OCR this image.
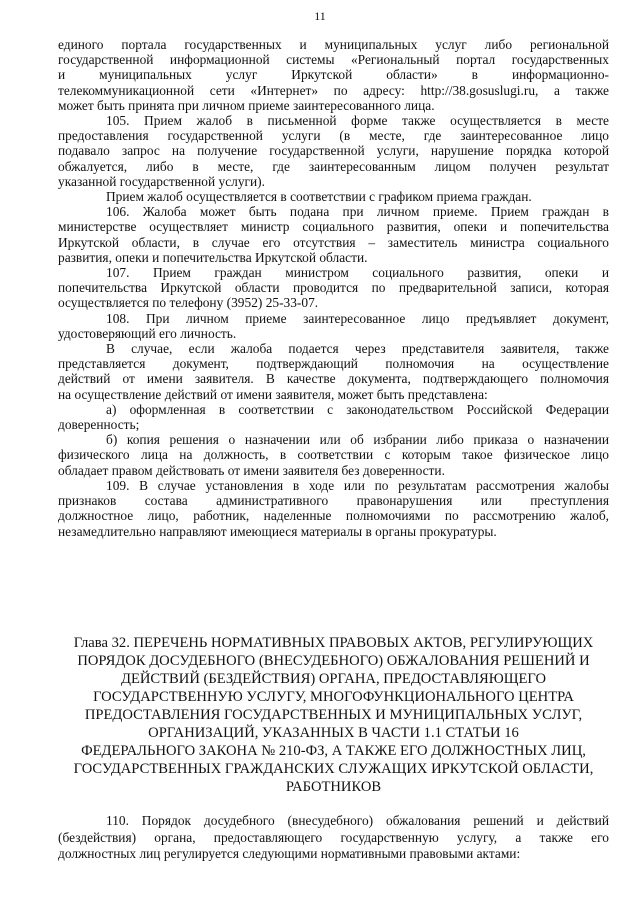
11

единого портала государственных и муниципальных услуг либо региональной

государственной информационной системы «Региональный портал государственных

и муниципальных услуг Иркутской области» в информационно-

телекоммуникационной сети «Интернет» по адресу: http://38.gosuslugi.ru, а также

может быть принята при личном приеме заинтересованного лица.

105. Прием жалоб в письменной форме также осуществляется в месте

предоставления государственной услуги (в месте, где заинтересованное лицо

подавало запрос на получение государственной услуги, нарушение порядка которой

обжалуется, либо в месте, где заинтересованным лицом получен результат

указанной государственной услуги).

Прием жалоб осуществляется в соответствии с графиком приема граждан.

106. Жалоба может быть подана при личном приеме. Прием граждан в

министерстве осуществляет министр социального развития, опеки и попечительства

Иркутской области, в случае его отсутствия – заместитель министра социального

развития, опеки и попечительства Иркутской области.

107. Прием граждан министром социального развития, опеки и

попечительства Иркутской области проводится по предварительной записи, которая

осуществляется по телефону (3952) 25-33-07.

108. При личном приеме заинтересованное лицо предъявляет документ,

удостоверяющий его личность.

В случае, если жалоба подается через представителя заявителя, также

представляется документ, подтверждающий полномочия на осуществление

действий от имени заявителя. В качестве документа, подтверждающего полномочия

на осуществление действий от имени заявителя, может быть представлена:

а) оформленная в соответствии с законодательством Российской Федерации

доверенность;

б) копия решения о назначении или об избрании либо приказа о назначении

физического лица на должность, в соответствии с которым такое физическое лицо

обладает правом действовать от имени заявителя без доверенности.

109. В случае установления в ходе или по результатам рассмотрения жалобы

признаков состава административного правонарушения или преступления

должностное лицо, работник, наделенные полномочиями по рассмотрению жалоб,

незамедлительно направляют имеющиеся материалы в органы прокуратуры.

Глава 32. ПЕРЕЧЕНЬ НОРМАТИВНЫХ ПРАВОВЫХ АКТОВ, РЕГУЛИРУЮЩИХ
ПОРЯДОК ДОСУДЕБНОГО (ВНЕСУДЕБНОГО) ОБЖАЛОВАНИЯ РЕШЕНИЙ И
ДЕЙСТВИЙ (БЕЗДЕЙСТВИЯ) ОРГАНА, ПРЕДОСТАВЛЯЮЩЕГО
ГОСУДАРСТВЕННУЮ УСЛУГУ, МНОГОФУНКЦИОНАЛЬНОГО ЦЕНТРА
ПРЕДОСТАВЛЕНИЯ ГОСУДАРСТВЕННЫХ И МУНИЦИПАЛЬНЫХ УСЛУГ,
ОРГАНИЗАЦИЙ, УКАЗАННЫХ В ЧАСТИ 1.1 СТАТЬИ 16
ФЕДЕРАЛЬНОГО ЗАКОНА № 210-ФЗ, А ТАКЖЕ ЕГО ДОЛЖНОСТНЫХ ЛИЦ,
ГОСУДАРСТВЕННЫХ ГРАЖДАНСКИХ СЛУЖАЩИХ ИРКУТСКОЙ ОБЛАСТИ,
РАБОТНИКОВ

110. Порядок досудебного (внесудебного) обжалования решений и действий

(бездействия) органа, предоставляющего государственную услугу, а также его

должностных лиц регулируется следующими нормативными правовыми актами:
